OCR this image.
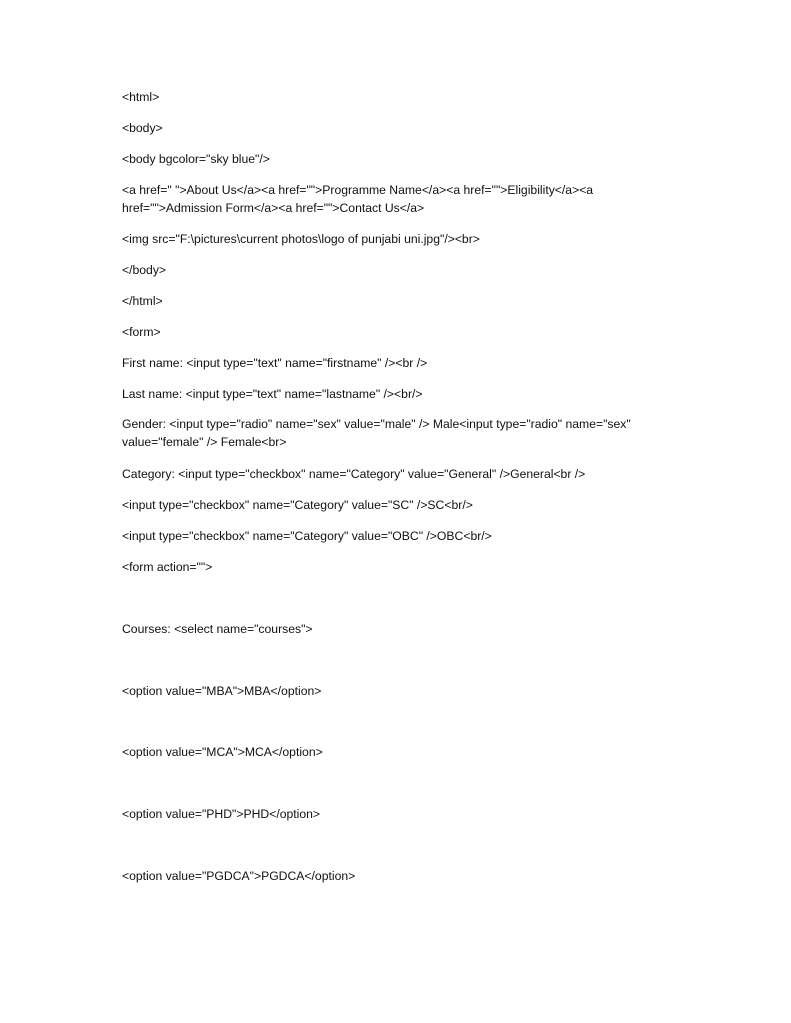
<html>
<body>
<body bgcolor="sky blue"/>
<a href=" ">About Us</a><a href="">Programme Name</a><a href="">Eligibility</a><a href="">Admission Form</a><a href="">Contact Us</a>
<img src="F:\pictures\current photos\logo of punjabi uni.jpg"/><br>
</body>
</html>
<form>
First name: <input type="text" name="firstname" /><br />
Last name: <input type="text" name="lastname" /><br/>
Gender: <input type="radio" name="sex" value="male" /> Male<input type="radio" name="sex" value="female" /> Female<br>
Category: <input type="checkbox" name="Category" value="General" />General<br />
<input type="checkbox" name="Category" value="SC" />SC<br/>
<input type="checkbox" name="Category" value="OBC" />OBC<br/>
<form action="">
Courses: <select name="courses">
<option value="MBA">MBA</option>
<option value="MCA">MCA</option>
<option value="PHD">PHD</option>
<option value="PGDCA">PGDCA</option>
